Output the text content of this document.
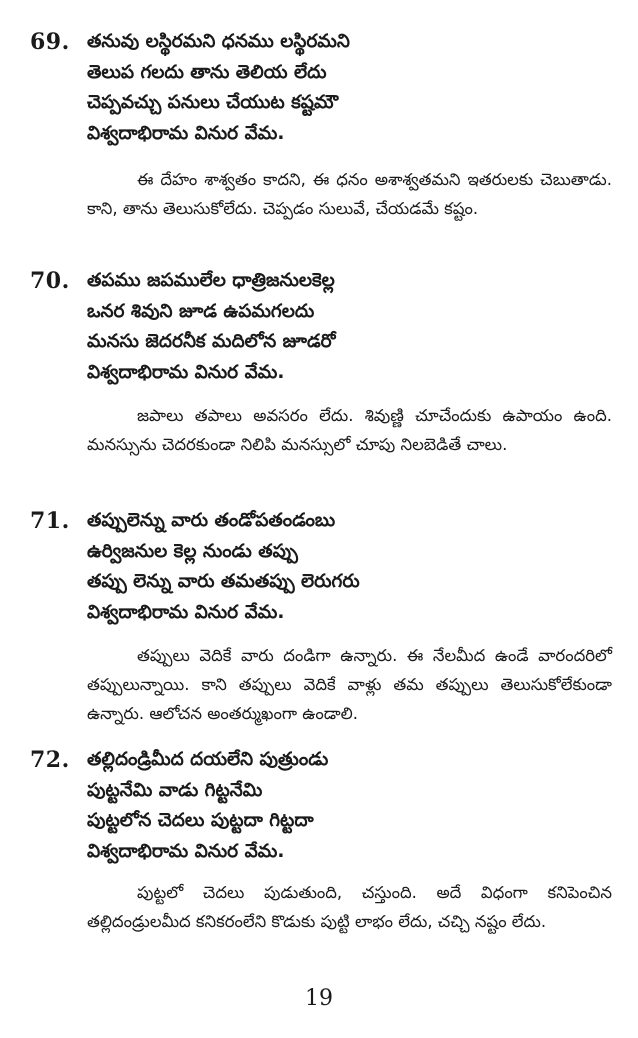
69. తనువు లస్థిరమని ధనము లస్థిరమని
తెలుప గలదు తాను తెలియ లేదు
చెప్పవచ్చు పనులు చేయుట కష్టమౌ
విశ్వదాభిరామ వినుర వేమ.
ఈ దేహం శాశ్వతం కాదని, ఈ ధనం అశాశ్వతమని ఇతరులకు చెబుతాడు. కాని, తాను తెలుసుకోలేదు. చెప్పడం సులువే, చేయడమే కష్టం.
70. తపము జపములేల ధాత్రిజనులకెల్ల
ఒనర శివుని జూడ ఉపమగలదు
మనసు జెదరనీక మదిలోన జూడరో
విశ్వదాభిరామ వినుర వేమ.
జపాలు తపాలు అవసరం లేదు. శివుణ్ణి చూచేందుకు ఉపాయం ఉంది. మనస్సును చెదరకుండా నిలిపి మనస్సులో చూపు నిలబెడితే చాలు.
71. తప్పులెన్ను వారు తండోపతండంబు
ఉర్విజనుల కెల్ల నుండు తప్పు
తప్పు లెన్ను వారు తమతప్పు లెరుగరు
విశ్వదాభిరామ వినుర వేమ.
తప్పులు వెదికే వారు దండిగా ఉన్నారు. ఈ నేలమీద ఉండే వారందరిలో తప్పులున్నాయి. కాని తప్పులు వెదికే వాళ్లు తమ తప్పులు తెలుసుకోలేకుండా ఉన్నారు. ఆలోచన అంతర్ముఖంగా ఉండాలి.
72. తల్లిదండ్రిమీద దయలేని పుత్రుండు
పుట్టనేమి వాడు గిట్టనేమి
పుట్టలోన చెదలు పుట్టదా గిట్టదా
విశ్వదాభిరామ వినుర వేమ.
పుట్టలో చెదలు పుడుతుంది, చస్తుంది. అదే విధంగా కనిపెంచిన తల్లిదండ్రులమీద కనికరంలేని కొడుకు పుట్టి లాభం లేదు, చచ్చి నష్టం లేదు.
19
